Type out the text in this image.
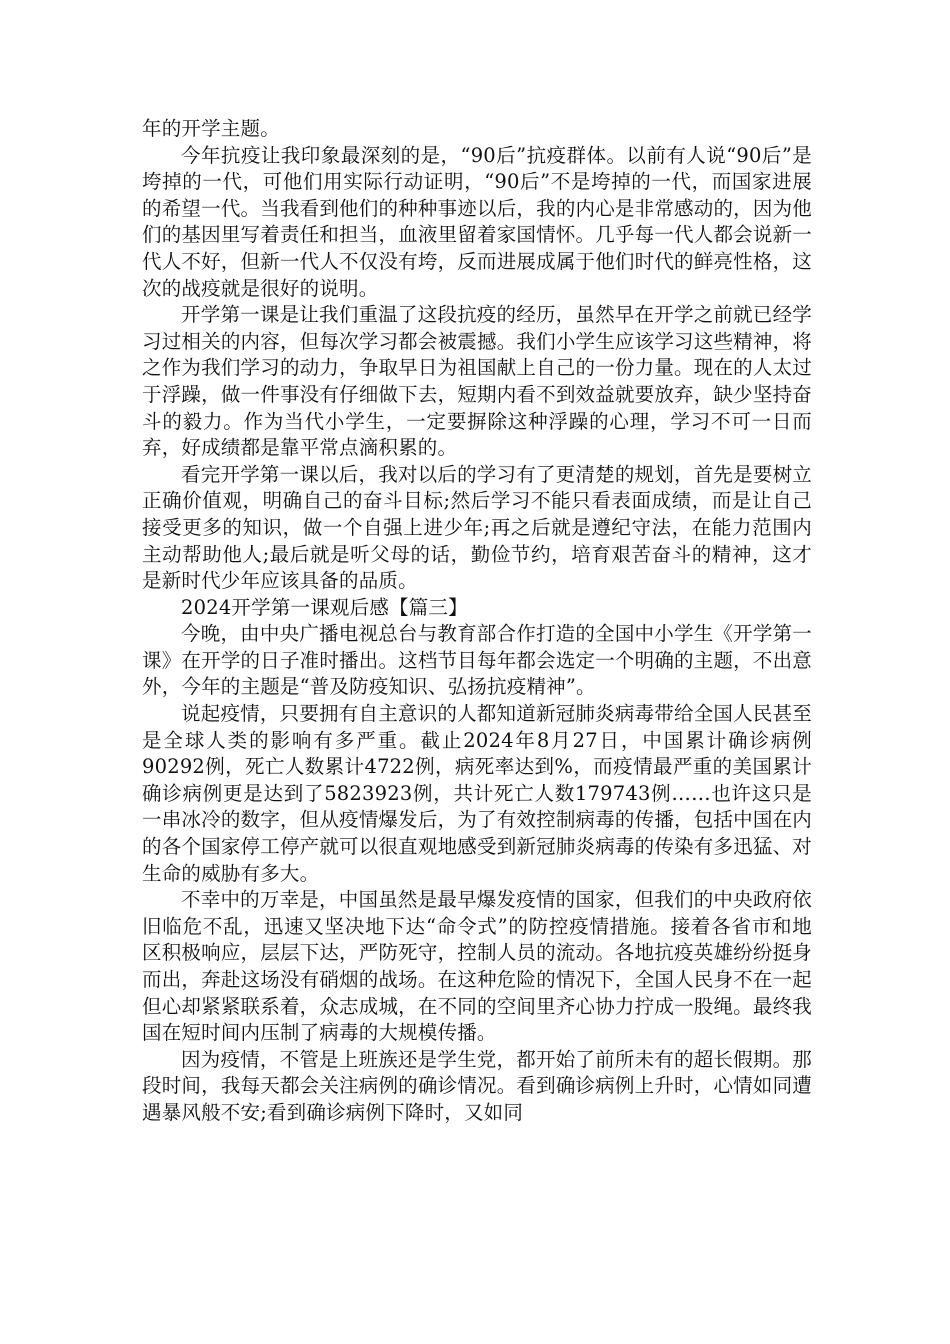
年的开学主题。

今年抗疫让我印象最深刻的是，“90后”抗疫群体。以前有人说“90后”是垮掉的一代，可他们用实际行动证明，“90后”不是垮掉的一代，而国家进展的希望一代。当我看到他们的种种事迹以后，我的内心是非常感动的，因为他们的基因里写着责任和担当，血液里留着家国情怀。几乎每一代人都会说新一代人不好，但新一代人不仅没有垮，反而进展成属于他们时代的鲜亮性格，这次的战疫就是很好的说明。

开学第一课是让我们重温了这段抗疫的经历，虽然早在开学之前就已经学习过相关的内容，但每次学习都会被震撼。我们小学生应该学习这些精神，将之作为我们学习的动力，争取早日为祖国献上自己的一份力量。现在的人太过于浮躁，做一件事没有仔细做下去，短期内看不到效益就要放弃，缺少坚持奋斗的毅力。作为当代小学生，一定要摒除这种浮躁的心理，学习不可一日而弃，好成绩都是靠平常点滴积累的。

看完开学第一课以后，我对以后的学习有了更清楚的规划，首先是要树立正确价值观，明确自己的奋斗目标;然后学习不能只看表面成绩，而是让自己接受更多的知识，做一个自强上进少年;再之后就是遵纪守法，在能力范围内主动帮助他人;最后就是听父母的话，勤俭节约，培育艰苦奋斗的精神，这才是新时代少年应该具备的品质。

2024开学第一课观后感【篇三】

今晚，由中央广播电视总台与教育部合作打造的全国中小学生《开学第一课》在开学的日子准时播出。这档节目每年都会选定一个明确的主题，不出意外，今年的主题是“普及防疫知识、弘扬抗疫精神”。

说起疫情，只要拥有自主意识的人都知道新冠肺炎病毒带给全国人民甚至是全球人类的影响有多严重。截止2024年8月27日，中国累计确诊病例90292例，死亡人数累计4722例，病死率达到%，而疫情最严重的美国累计确诊病例更是达到了5823923例，共计死亡人数179743例……也许这只是一串冰冷的数字，但从疫情爆发后，为了有效控制病毒的传播，包括中国在内的各个国家停工停产就可以很直观地感受到新冠肺炎病毒的传染有多迅猛、对生命的威胁有多大。

不幸中的万幸是，中国虽然是最早爆发疫情的国家，但我们的中央政府依旧临危不乱，迅速又坚决地下达“命令式”的防控疫情措施。接着各省市和地区积极响应，层层下达，严防死守，控制人员的流动。各地抗疫英雄纷纷挺身而出，奔赴这场没有硝烟的战场。在这种危险的情况下，全国人民身不在一起但心却紧紧联系着，众志成城，在不同的空间里齐心协力拧成一股绳。最终我国在短时间内压制了病毒的大规模传播。

因为疫情，不管是上班族还是学生党，都开始了前所未有的超长假期。那段时间，我每天都会关注病例的确诊情况。看到确诊病例上升时，心情如同遭遇暴风般不安;看到确诊病例下降时，又如同
